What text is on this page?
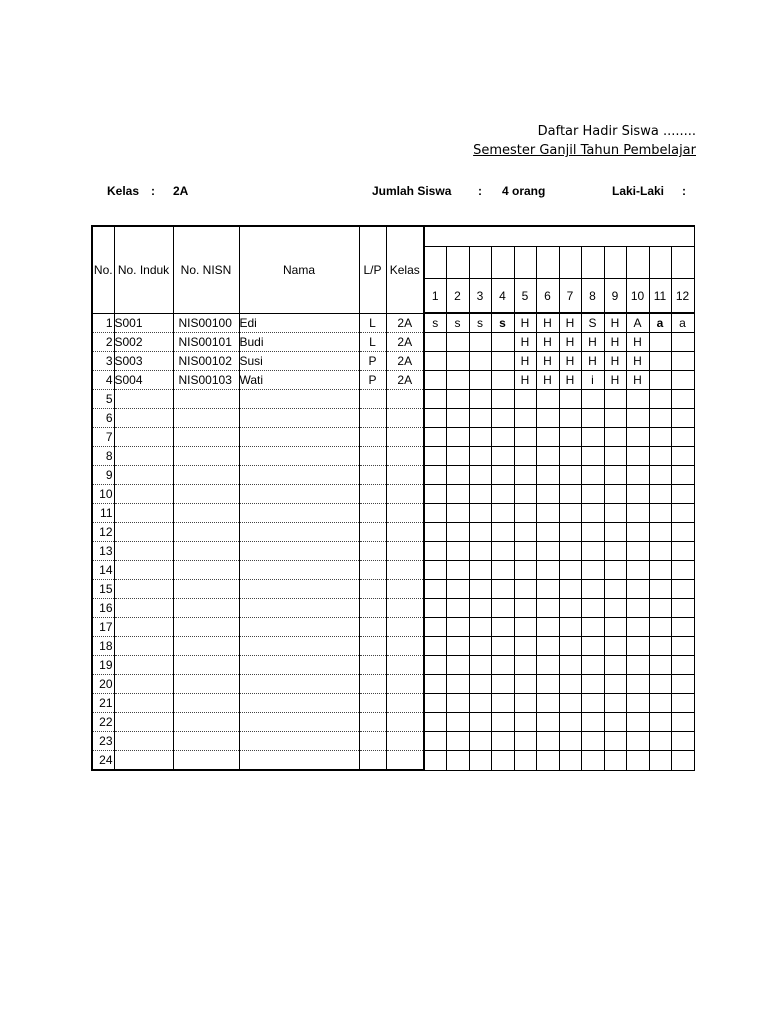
Daftar Hadir Siswa ........
Semester Ganjil Tahun Pembelajar
Kelas : 2A	Jumlah Siswa : 4 orang	Laki-Laki :
No.	No. Induk	No. NISN	Nama	L/P	Kelas												

						1	2	3	4	5	6	7	8	9	10	11	12
1	S001	NIS00100	Edi	L	2A	s	s	s	s	H	H	H	S	H	A	a	a
2	S002	NIS00101	Budi	L	2A					H	H	H	H	H	H		
3	S003	NIS00102	Susi	P	2A					H	H	H	H	H	H		
4	S004	NIS00103	Wati	P	2A					H	H	H	i	H	H		
5																	
6																	
7																	
8																	
9																	
10																	
11																	
12																	
13																	
14																	
15																	
16																	
17																	
18																	
19																	
20																	
21																	
22																	
23																	
24																	
